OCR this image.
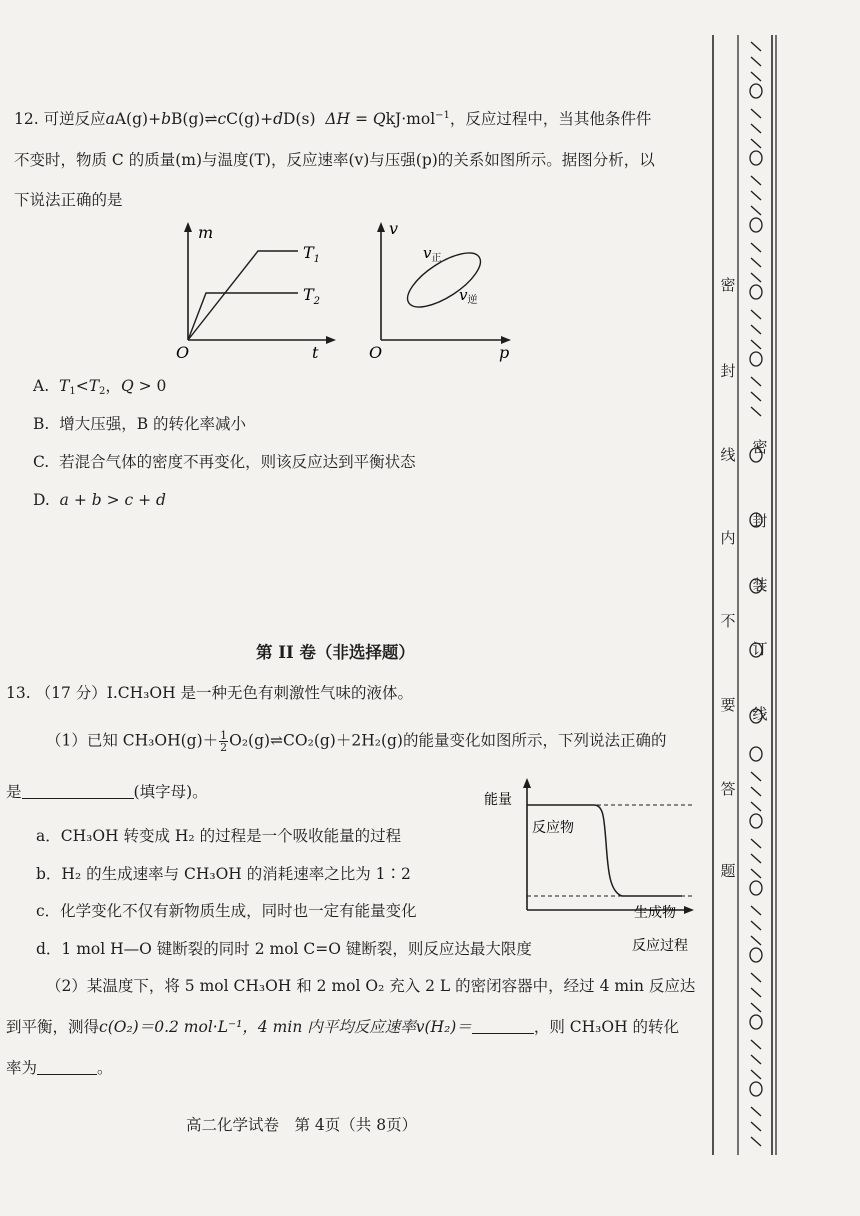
12. 可逆反应aA(g)+bB(g)⇌cC(g)+dD(s)  ΔH = QkJ·mol$^{-1}$，反应过程中，当其他条件件
不变时，物质 C 的质量(m)与温度(T)，反应速率(v)与压强(p)的关系如图所示。据图分析，以
下说法正确的是
m
t
O
$T_1$
$T_2$
v
p
O
$v_正$
$v_逆$
A. $T_1<T_2$，Q > 0
B. 增大压强，B 的转化率减小
C. 若混合气体的密度不再变化，则该反应达到平衡状态
D. a + b > c + d
第 II 卷（非选择题）
13. （17 分）Ⅰ.CH₃OH 是一种无色有刺激性气味的液体。
（1）已知 $CH_3OH(g)+ \frac{1}{2}$ O₂(g)⇌CO₂(g)＋2H₂(g)的能量变化如图所示，下列说法正确的
是	(填字母)。
a．CH₃OH 转变成 H₂ 的过程是一个吸收能量的过程
b．H₂ 的生成速率与 CH₃OH 的消耗速率之比为 1∶2
c．化学变化不仅有新物质生成，同时也一定有能量变化
d．1 mol H—O 键断裂的同时 2 mol C=O 键断裂，则反应达最大限度
能量
反应物
生成物
反应过程
（2）某温度下，将 5 mol CH₃OH 和 2 mol O₂ 充入 2 L 的密闭容器中，经过 4 min 反应达
到平衡，测得c(O₂)＝0.2 mol·L⁻¹，4 min 内平均反应速率v(H₂)＝	，则 CH₃OH 的转化
率为	。
高二化学试卷　第 4页（共 8页）
密
封
线
内
不
要
答
题
密
封
装
订
线
